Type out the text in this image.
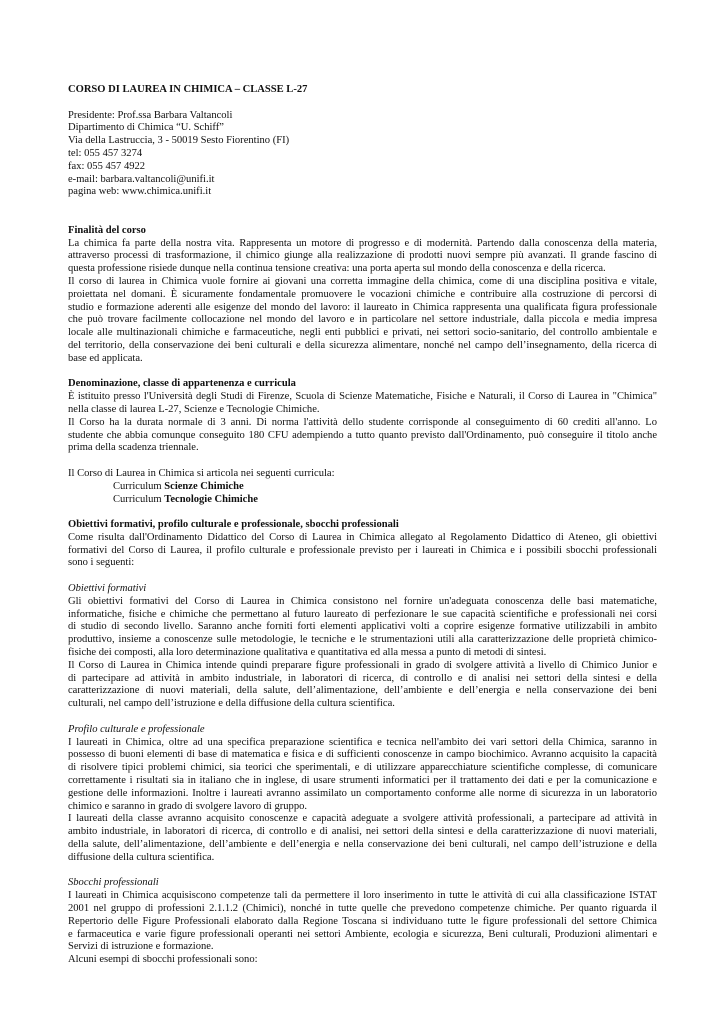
CORSO DI LAUREA IN CHIMICA – CLASSE L-27
Presidente: Prof.ssa Barbara Valtancoli
Dipartimento di Chimica “U. Schiff”
Via della Lastruccia, 3 - 50019 Sesto Fiorentino (FI)
tel: 055 457 3274
fax: 055 457 4922
e-mail: barbara.valtancoli@unifi.it
pagina web: www.chimica.unifi.it
Finalità del corso
La chimica fa parte della nostra vita. Rappresenta un motore di progresso e di modernità. Partendo dalla conoscenza della materia,
attraverso processi di trasformazione, il chimico giunge alla realizzazione di prodotti nuovi sempre più avanzati. Il grande fascino di
questa professione risiede dunque nella continua tensione creativa: una porta aperta sul mondo della conoscenza e della ricerca.
Il corso di laurea in Chimica vuole fornire ai giovani una corretta immagine della chimica, come di una disciplina positiva e vitale,
proiettata nel domani. È sicuramente fondamentale promuovere le vocazioni chimiche e contribuire alla costruzione di percorsi di
studio e formazione aderenti alle esigenze del mondo del lavoro: il laureato in Chimica rappresenta una qualificata figura professionale
che può trovare facilmente collocazione nel mondo del lavoro e in particolare nel settore industriale, dalla piccola e media impresa
locale alle multinazionali chimiche e farmaceutiche, negli enti pubblici e privati, nei settori socio-sanitario, del controllo ambientale e
del territorio, della conservazione dei beni culturali e della sicurezza alimentare, nonché nel campo dell’insegnamento, della ricerca di
base ed applicata.
Denominazione, classe di appartenenza e curricula
È istituito presso l'Università degli Studi di Firenze, Scuola di Scienze Matematiche, Fisiche e Naturali, il Corso di Laurea in "Chimica"
nella classe di laurea L-27, Scienze e Tecnologie Chimiche.
Il Corso ha la durata normale di 3 anni. Di norma l'attività dello studente corrisponde al conseguimento di 60 crediti all'anno. Lo
studente che abbia comunque conseguito 180 CFU adempiendo a tutto quanto previsto dall'Ordinamento, può conseguire il titolo anche
prima della scadenza triennale.
Il Corso di Laurea in Chimica si articola nei seguenti curricula:
Curriculum Scienze Chimiche
Curriculum Tecnologie Chimiche
Obiettivi formativi, profilo culturale e professionale, sbocchi professionali
Come risulta dall'Ordinamento Didattico del Corso di Laurea in Chimica allegato al Regolamento Didattico di Ateneo, gli obiettivi
formativi del Corso di Laurea, il profilo culturale e professionale previsto per i laureati in Chimica e i possibili sbocchi professionali
sono i seguenti:
Obiettivi formativi
Gli obiettivi formativi del Corso di Laurea in Chimica consistono nel fornire un'adeguata conoscenza delle basi matematiche,
informatiche, fisiche e chimiche che permettano al futuro laureato di perfezionare le sue capacità scientifiche e professionali nei corsi
di studio di secondo livello. Saranno anche forniti forti elementi applicativi volti a coprire esigenze formative utilizzabili in ambito
produttivo, insieme a conoscenze sulle metodologie, le tecniche e le strumentazioni utili alla caratterizzazione delle proprietà chimico-
fisiche dei composti, alla loro determinazione qualitativa e quantitativa ed alla messa a punto di metodi di sintesi.
Il Corso di Laurea in Chimica intende quindi preparare figure professionali in grado di svolgere attività a livello di Chimico Junior e
di partecipare ad attività in ambito industriale, in laboratori di ricerca, di controllo e di analisi nei settori della sintesi e della
caratterizzazione di nuovi materiali, della salute, dell’alimentazione, dell’ambiente e dell’energia e nella conservazione dei beni
culturali, nel campo dell’istruzione e della diffusione della cultura scientifica.
Profilo culturale e professionale
I laureati in Chimica, oltre ad una specifica preparazione scientifica e tecnica nell'ambito dei vari settori della Chimica, saranno in
possesso di buoni elementi di base di matematica e fisica e di sufficienti conoscenze in campo biochimico. Avranno acquisito la capacità
di risolvere tipici problemi chimici, sia teorici che sperimentali, e di utilizzare apparecchiature scientifiche complesse, di comunicare
correttamente i risultati sia in italiano che in inglese, di usare strumenti informatici per il trattamento dei dati e per la comunicazione e
gestione delle informazioni. Inoltre i laureati avranno assimilato un comportamento conforme alle norme di sicurezza in un laboratorio
chimico e saranno in grado di svolgere lavoro di gruppo.
I laureati della classe avranno acquisito conoscenze e capacità adeguate a svolgere attività professionali, a partecipare ad attività in
ambito industriale, in laboratori di ricerca, di controllo e di analisi, nei settori della sintesi e della caratterizzazione di nuovi materiali,
della salute, dell’alimentazione, dell’ambiente e dell’energia e nella conservazione dei beni culturali, nel campo dell’istruzione e della
diffusione della cultura scientifica.
Sbocchi professionali
I laureati in Chimica acquisiscono competenze tali da permettere il loro inserimento in tutte le attività di cui alla classificazione ISTAT
2001 nel gruppo di professioni 2.1.1.2 (Chimici), nonché in tutte quelle che prevedono competenze chimiche. Per quanto riguarda il
Repertorio delle Figure Professionali elaborato dalla Regione Toscana si individuano tutte le figure professionali del settore Chimica
e farmaceutica e varie figure professionali operanti nei settori Ambiente, ecologia e sicurezza, Beni culturali, Produzioni alimentari e
Servizi di istruzione e formazione.
Alcuni esempi di sbocchi professionali sono:
